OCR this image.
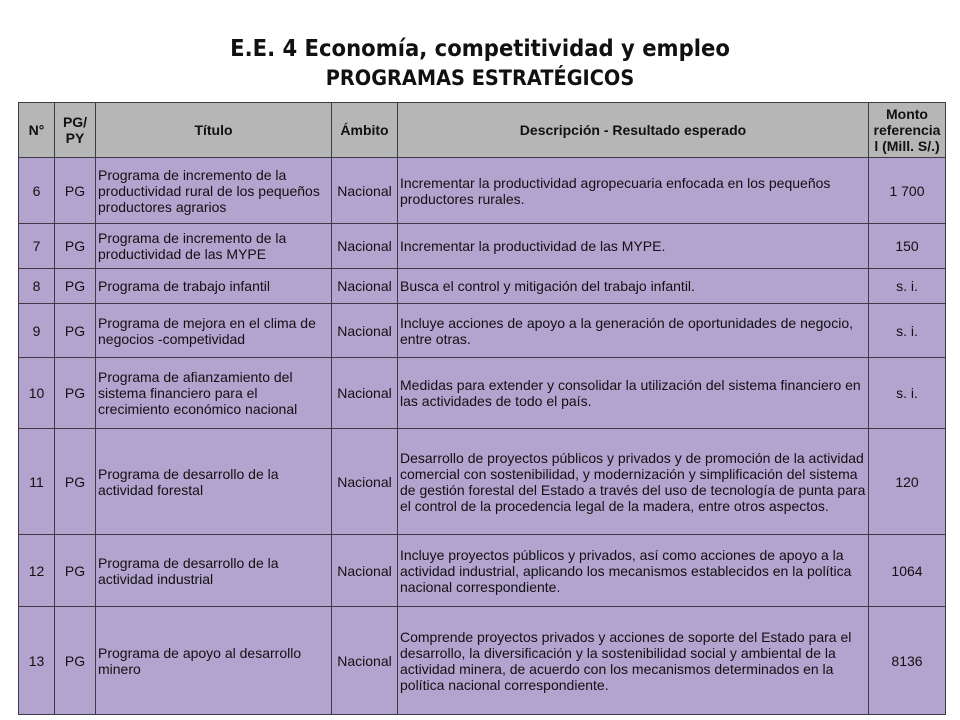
E.E. 4 Economía, competitividad y empleo
PROGRAMAS ESTRATÉGICOS
N°	PG/ PY	Título	Ámbito	Descripción - Resultado esperado	Monto referencia l (Mill. S/.)
6	PG	Programa de incremento de la productividad rural de los pequeños productores agrarios	Nacional	Incrementar la productividad agropecuaria enfocada en los pequeños productores rurales.	1 700
7	PG	Programa de incremento de la productividad de las MYPE	Nacional	Incrementar la productividad de las MYPE.	150
8	PG	Programa de trabajo infantil	Nacional	Busca el control y mitigación del trabajo infantil.	s. i.
9	PG	Programa de mejora en el clima de negocios -competividad	Nacional	Incluye acciones de apoyo a la generación de oportunidades de negocio, entre otras.	s. i.
10	PG	Programa de afianzamiento del sistema financiero para el crecimiento económico nacional	Nacional	Medidas para extender y consolidar la utilización del sistema financiero en las actividades de todo el país.	s. i.
11	PG	Programa de desarrollo de la actividad forestal	Nacional	Desarrollo de proyectos públicos y privados y de promoción de la actividad comercial con sostenibilidad, y modernización y simplificación del sistema de gestión forestal del Estado a través del uso de tecnología de punta para el control de la procedencia legal de la madera, entre otros aspectos.	120
12	PG	Programa de desarrollo de la actividad industrial	Nacional	Incluye proyectos públicos y privados, así como acciones de apoyo a la actividad industrial, aplicando los mecanismos establecidos en la política nacional correspondiente.	1064
13	PG	Programa de apoyo al desarrollo minero	Nacional	Comprende proyectos privados y acciones de soporte del Estado para el desarrollo, la diversificación y la sostenibilidad social y ambiental de la actividad minera, de acuerdo con los mecanismos determinados en la política nacional correspondiente.	8136
